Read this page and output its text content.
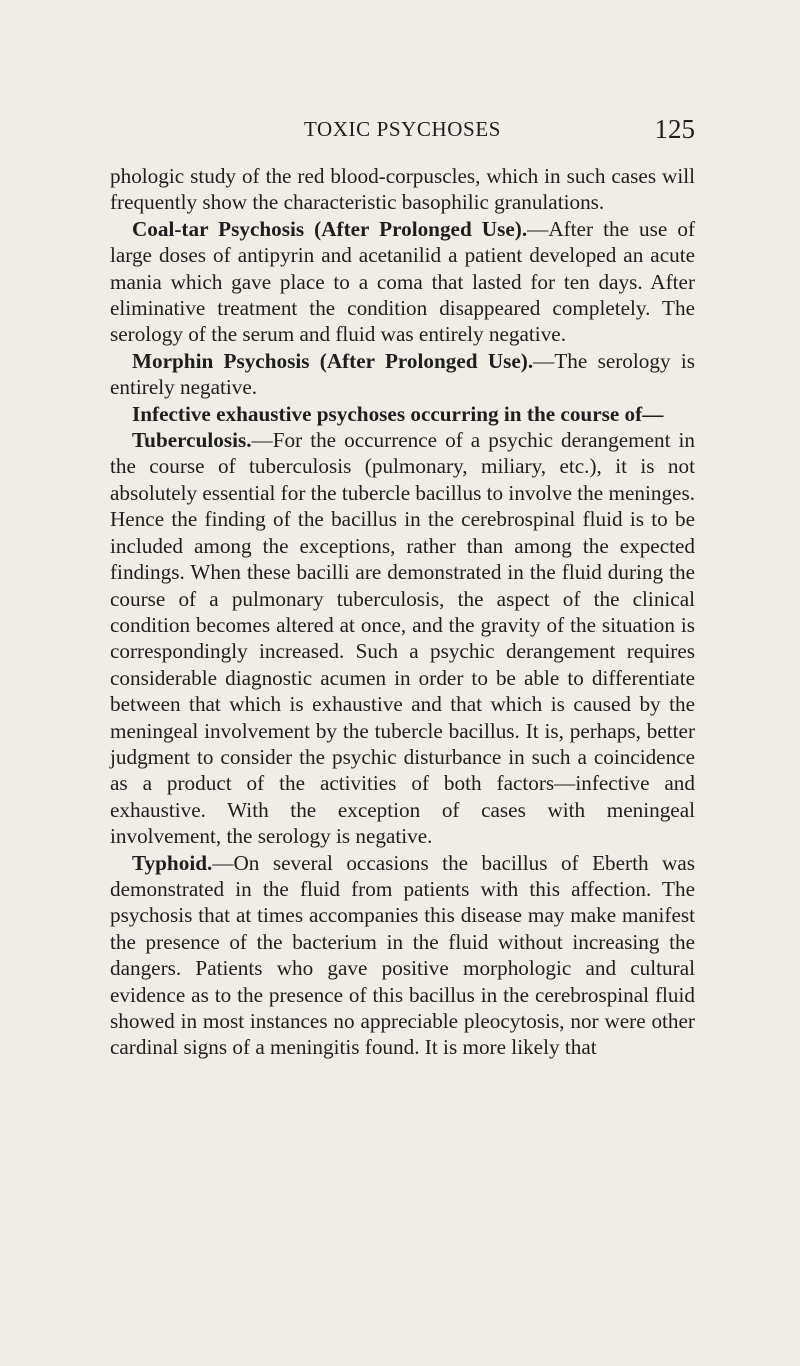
TOXIC PSYCHOSES	125

phologic study of the red blood-corpuscles, which in such cases will frequently show the characteristic basophilic granulations.

Coal-tar Psychosis (After Prolonged Use).—After the use of large doses of antipyrin and acetanilid a patient developed an acute mania which gave place to a coma that lasted for ten days. After eliminative treatment the condition disappeared completely. The serology of the serum and fluid was entirely negative.

Morphin Psychosis (After Prolonged Use).—The serology is entirely negative.

Infective exhaustive psychoses occurring in the course of—

Tuberculosis.—For the occurrence of a psychic derangement in the course of tuberculosis (pulmonary, miliary, etc.), it is not absolutely essential for the tubercle bacillus to involve the meninges. Hence the finding of the bacillus in the cerebrospinal fluid is to be included among the exceptions, rather than among the expected findings. When these bacilli are demonstrated in the fluid during the course of a pulmonary tuberculosis, the aspect of the clinical condition becomes altered at once, and the gravity of the situation is correspondingly increased. Such a psychic derangement requires considerable diagnostic acumen in order to be able to differentiate between that which is exhaustive and that which is caused by the meningeal involvement by the tubercle bacillus. It is, perhaps, better judgment to consider the psychic disturbance in such a coincidence as a product of the activities of both factors—infective and exhaustive. With the exception of cases with meningeal involvement, the serology is negative.

Typhoid.—On several occasions the bacillus of Eberth was demonstrated in the fluid from patients with this affection. The psychosis that at times accompanies this disease may make manifest the presence of the bacterium in the fluid without increasing the dangers. Patients who gave positive morphologic and cultural evidence as to the presence of this bacillus in the cerebrospinal fluid showed in most instances no appreciable pleocytosis, nor were other cardinal signs of a meningitis found. It is more likely that
